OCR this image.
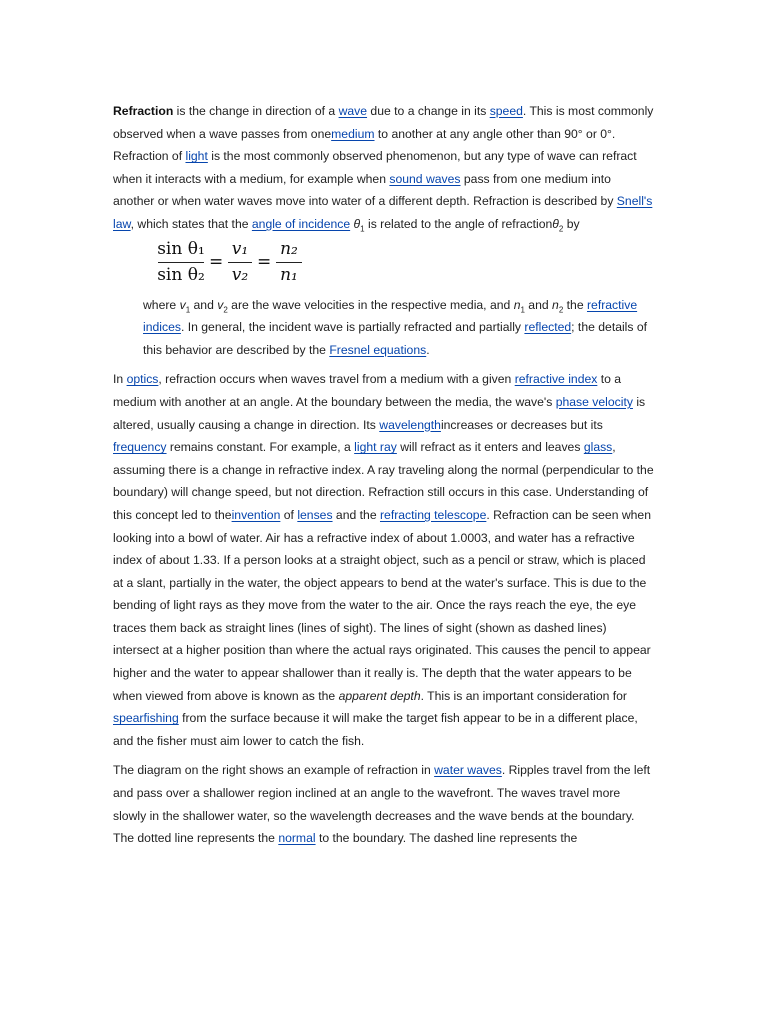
Refraction is the change in direction of a wave due to a change in its speed. This is most commonly observed when a wave passes from onemedium to another at any angle other than 90° or 0°. Refraction of light is the most commonly observed phenomenon, but any type of wave can refract when it interacts with a medium, for example when sound waves pass from one medium into another or when water waves move into water of a different depth. Refraction is described by Snell's law, which states that the angle of incidence $\theta_1$ is related to the angle of refractionθ$_2$ by

sin θ₁
sin θ₂
=
v₁
v₂
=
n₂
n₁

where $v_1$ and $v_2$ are the wave velocities in the respective media, and $n_1$ and $n_2$ the refractive indices. In general, the incident wave is partially refracted and partially reflected; the details of this behavior are described by the Fresnel equations.

In optics, refraction occurs when waves travel from a medium with a given refractive index to a medium with another at an angle. At the boundary between the media, the wave's phase velocity is altered, usually causing a change in direction. Its wavelengthincreases or decreases but its frequency remains constant. For example, a light ray will refract as it enters and leaves glass, assuming there is a change in refractive index. A ray traveling along the normal (perpendicular to the boundary) will change speed, but not direction. Refraction still occurs in this case. Understanding of this concept led to theinvention of lenses and the refracting telescope. Refraction can be seen when looking into a bowl of water. Air has a refractive index of about 1.0003, and water has a refractive index of about 1.33. If a person looks at a straight object, such as a pencil or straw, which is placed at a slant, partially in the water, the object appears to bend at the water's surface. This is due to the bending of light rays as they move from the water to the air. Once the rays reach the eye, the eye traces them back as straight lines (lines of sight). The lines of sight (shown as dashed lines) intersect at a higher position than where the actual rays originated. This causes the pencil to appear higher and the water to appear shallower than it really is. The depth that the water appears to be when viewed from above is known as the apparent depth. This is an important consideration for spearfishing from the surface because it will make the target fish appear to be in a different place, and the fisher must aim lower to catch the fish.

The diagram on the right shows an example of refraction in water waves. Ripples travel from the left and pass over a shallower region inclined at an angle to the wavefront. The waves travel more slowly in the shallower water, so the wavelength decreases and the wave bends at the boundary. The dotted line represents the normal to the boundary. The dashed line represents the
